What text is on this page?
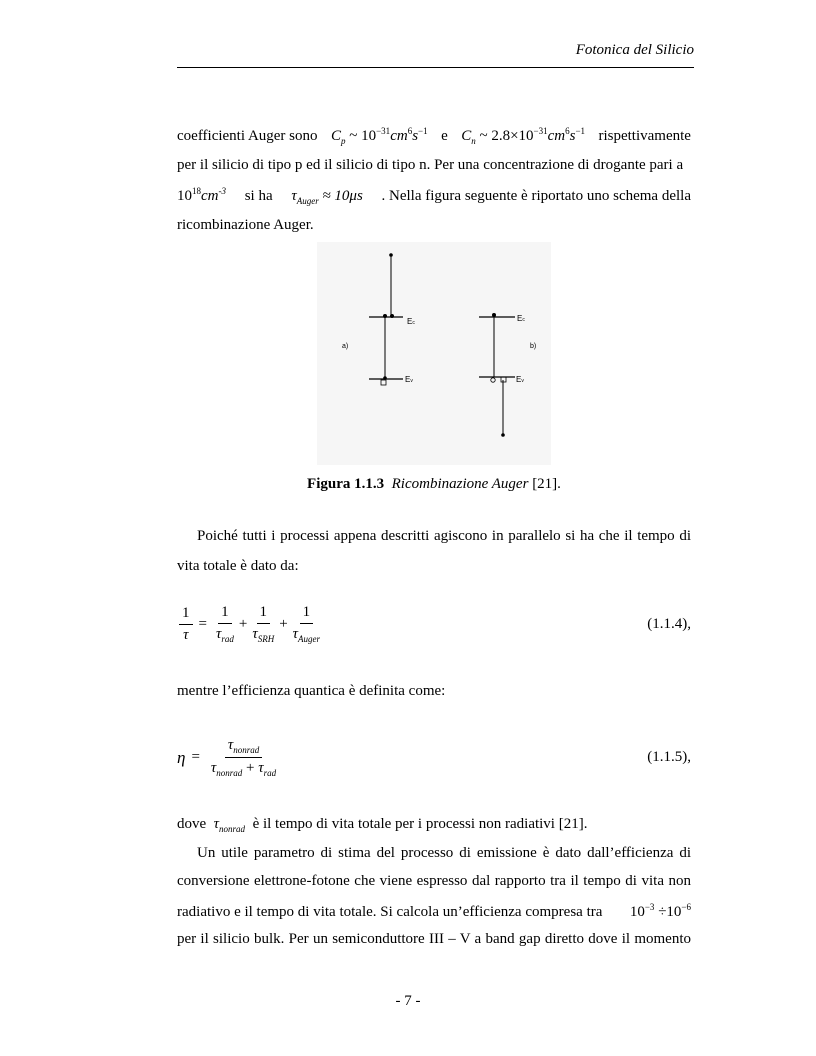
Fotonica del Silicio
coefficienti Auger sono $C_p$ ~ $10^{-31}cm^6s^{-1}$ e $C_n$ ~ $2.8\times 10^{-31}cm^6s^{-1}$ rispettivamente
per il silicio di tipo p ed il silicio di tipo n. Per una concentrazione di drogante pari a
$10^{18}cm^{-3}$ si ha $\tau_{Auger} \approx 10\mu s$ . Nella figura seguente è riportato uno schema della
ricombinazione Auger.
Ec
Ev
a)
Ec
Ev
b)
Figura 1.1.3 Ricombinazione Auger [21].
Poiché tutti i processi appena descritti agiscono in parallelo si ha che il tempo di vita totale è dato da:
$\frac{1}{\tau} = \frac{1}{\tau_{rad}} + \frac{1}{\tau_{SRH}} + \frac{1}{\tau_{Auger}}$	(1.1.4),
mentre l’efficienza quantica è definita come:
$\eta = \frac{\tau_{nonrad}}{\tau_{nonrad} + \tau_{rad}}$	(1.1.5),
dove $\tau_{nonrad}$ è il tempo di vita totale per i processi non radiativi [21].
Un utile parametro di stima del processo di emissione è dato dall’efficienza di
conversione elettrone-fotone che viene espresso dal rapporto tra il tempo di vita non
radiativo e il tempo di vita totale. Si calcola un’efficienza compresa tra $10^{-3} \div 10^{-6}$
per il silicio bulk. Per un semiconduttore III – V a band gap diretto dove il momento
- 7 -
